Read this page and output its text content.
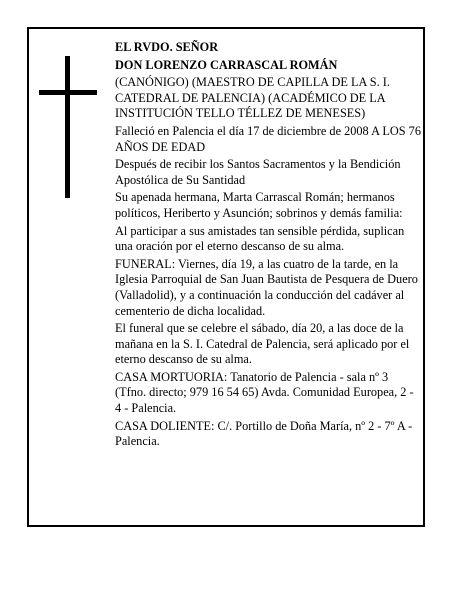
EL RVDO. SEÑOR

DON LORENZO CARRASCAL ROMÁN

(CANÓNIGO) (MAESTRO DE CAPILLA DE LA S. I. CATEDRAL DE PALENCIA) (ACADÉMICO DE LA INSTITUCIÓN TELLO TÉLLEZ DE MENESES)

Falleció en Palencia el día 17 de diciembre de 2008 A LOS 76 AÑOS DE EDAD

Después de recibir los Santos Sacramentos y la Bendición Apostólica de Su Santidad

Su apenada hermana, Marta Carrascal Román; hermanos políticos, Heriberto y Asunción; sobrinos y demás familia:

Al participar a sus amistades tan sensible pérdida, suplican una oración por el eterno descanso de su alma.

FUNERAL: Viernes, día 19, a las cuatro de la tarde, en la Iglesia Parroquial de San Juan Bautista de Pesquera de Duero (Valladolid), y a continuación la conducción del cadáver al cementerio de dicha localidad.

El funeral que se celebre el sábado, día 20, a las doce de la mañana en la S. I. Catedral de Palencia, será aplicado por el eterno descanso de su alma.

CASA MORTUORIA: Tanatorio de Palencia - sala nº 3 (Tfno. directo; 979 16 54 65) Avda. Comunidad Europea, 2 - 4 - Palencia.

CASA DOLIENTE: C/. Portillo de Doña María, nº 2 - 7º A - Palencia.
